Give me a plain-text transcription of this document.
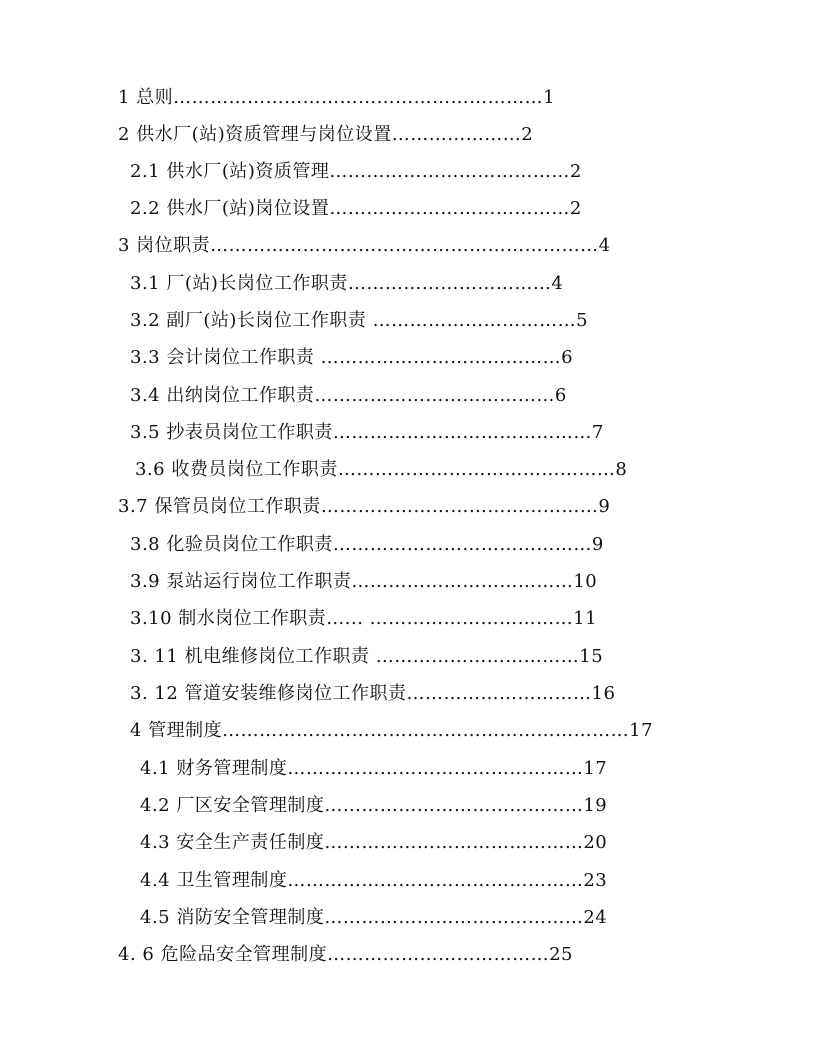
1 总则……………………………………………………1
2 供水厂(站)资质管理与岗位设置…………………2
2.1 供水厂(站)资质管理…………………………………2
2.2 供水厂(站)岗位设置…………………………………2
3 岗位职责………………………………………………………4
3.1 厂(站)长岗位工作职责……………………………4
3.2 副厂(站)长岗位工作职责 ……………………………5
3.3 会计岗位工作职责 …………………………………6
3.4 出纳岗位工作职责…………………………………6
3.5 抄表员岗位工作职责……………………………………7
3.6 收费员岗位工作职责………………………………………8
3.7 保管员岗位工作职责………………………………………9
3.8 化验员岗位工作职责……………………………………9
3.9 泵站运行岗位工作职责………………………………10
3.10 制水岗位工作职责…... ……………………………11
3. 11 机电维修岗位工作职责 ……………………………15
3. 12 管道安装维修岗位工作职责…………………………16
4 管理制度…………………………………………………………17
4.1 财务管理制度…………………………………………17
4.2 厂区安全管理制度……………………………………19
4.3 安全生产责任制度……………………………………20
4.4 卫生管理制度…………………………………………23
4.5 消防安全管理制度……………………………………24
4. 6 危险品安全管理制度………………………………25
